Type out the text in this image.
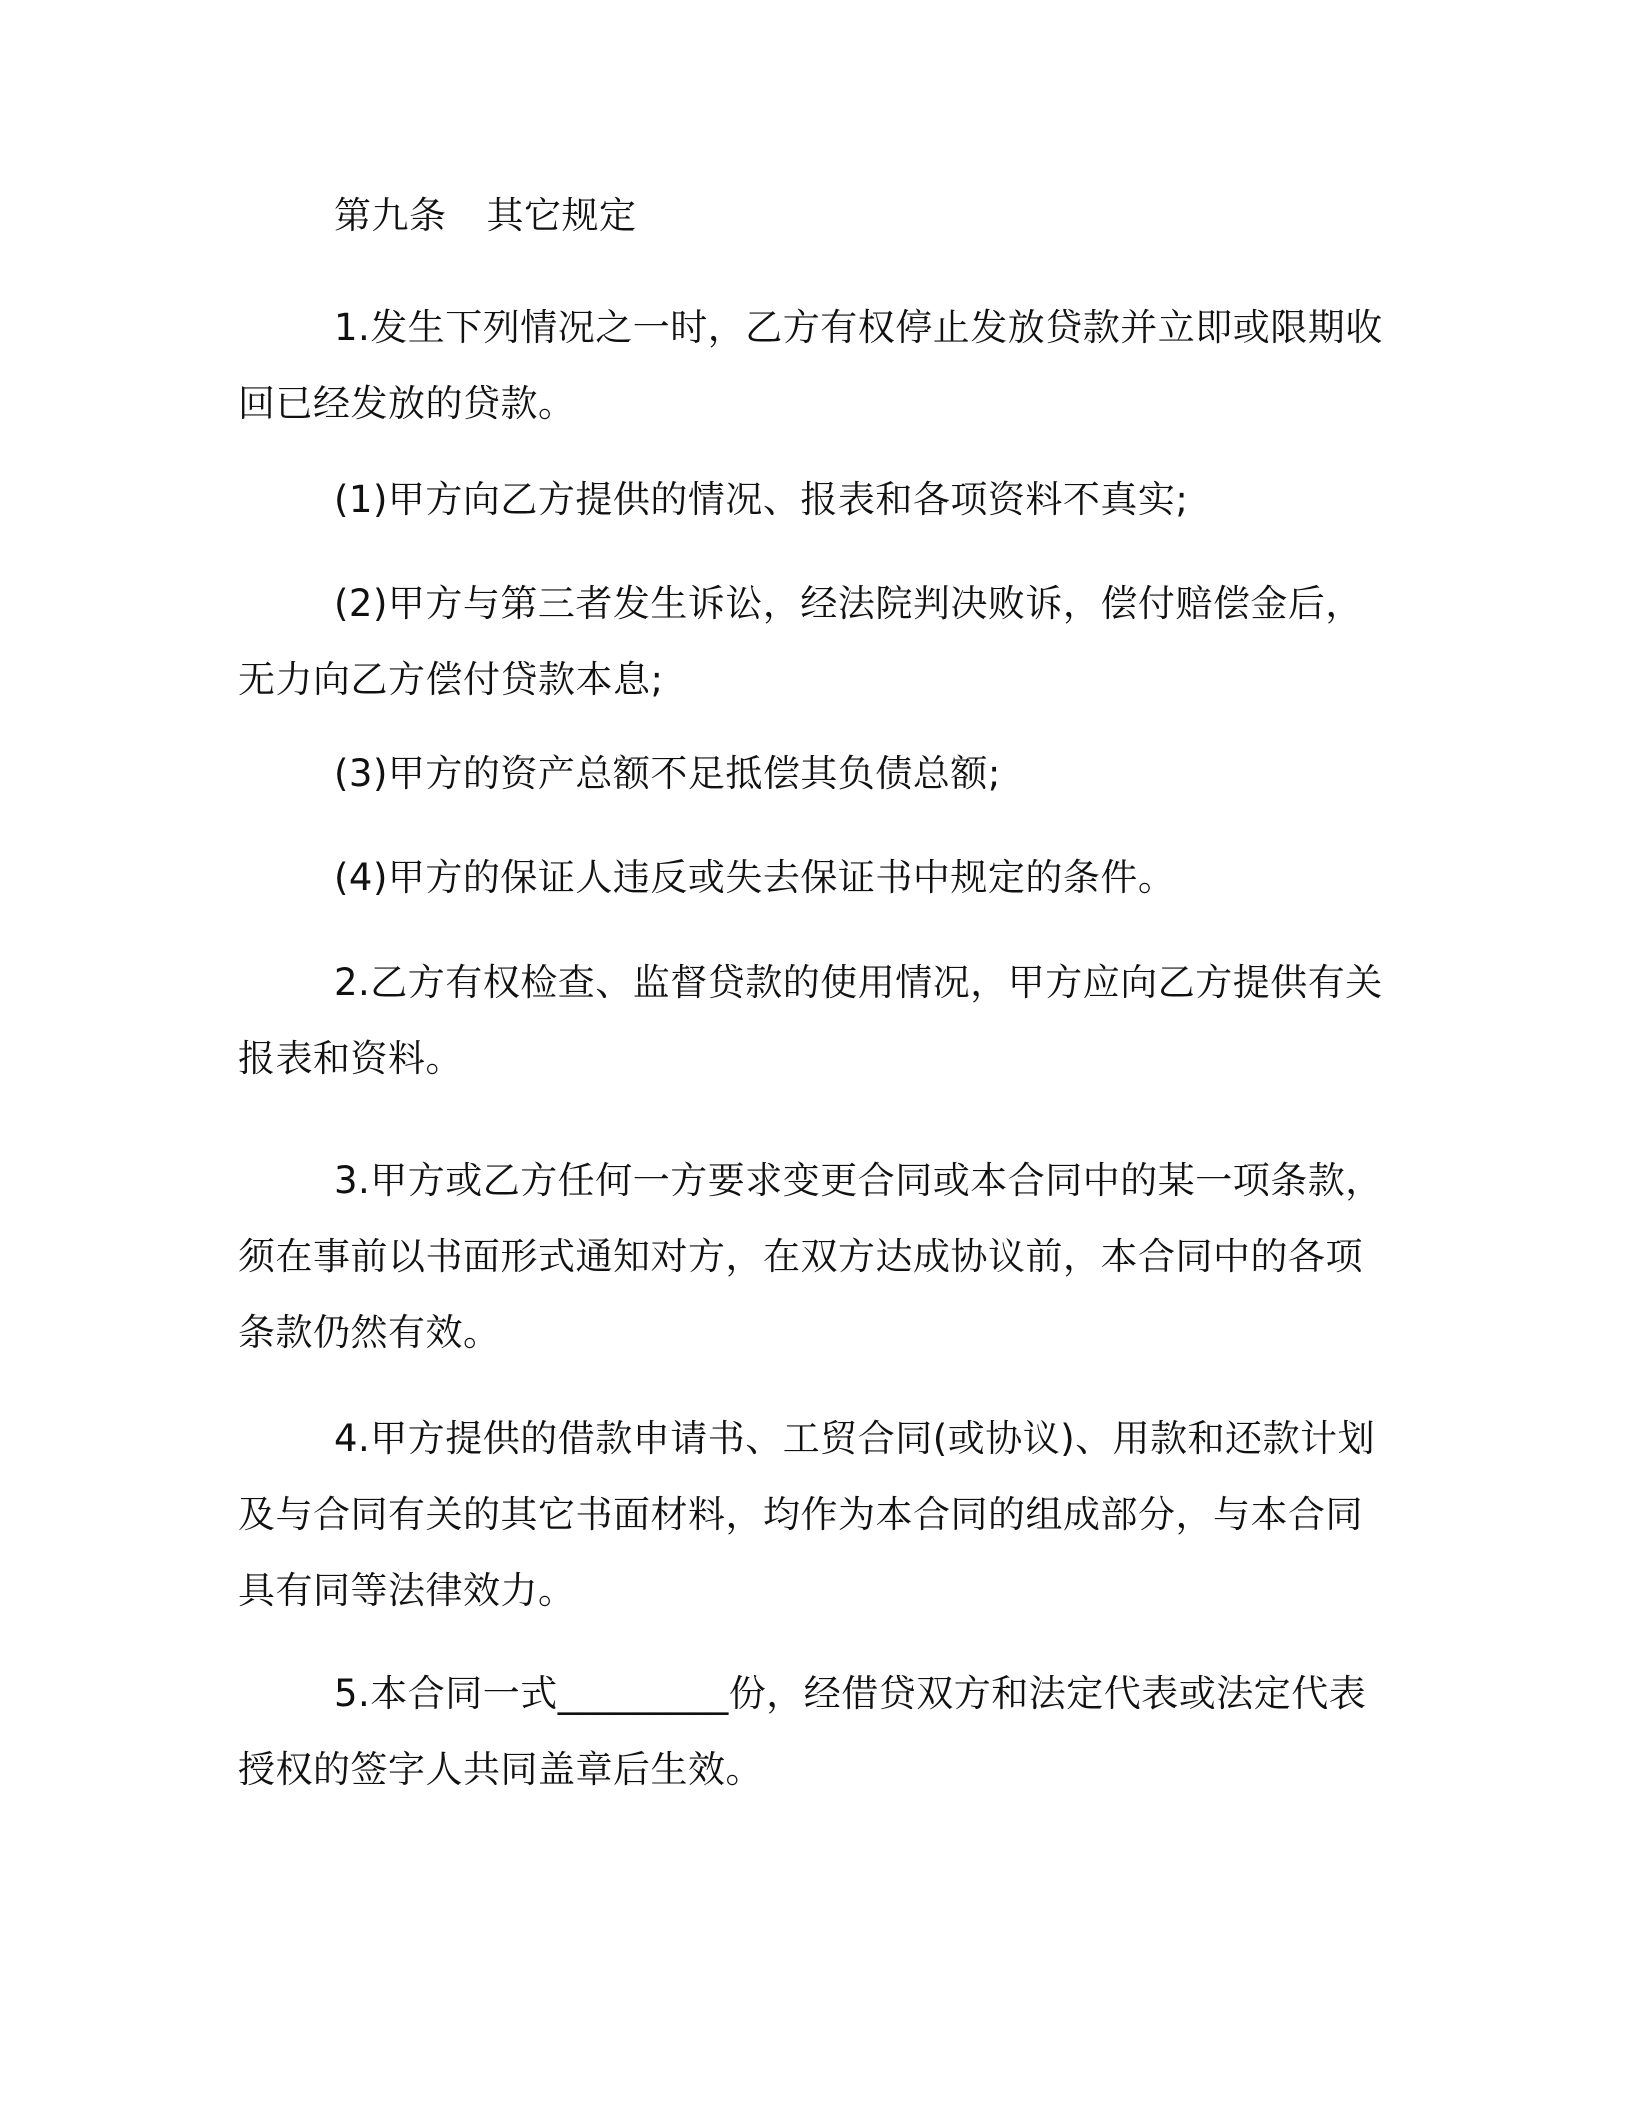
第九条 其它规定

1.发生下列情况之一时，乙方有权停止发放贷款并立即或限期收回已经发放的贷款。

(1)甲方向乙方提供的情况、报表和各项资料不真实;

(2)甲方与第三者发生诉讼，经法院判决败诉，偿付赔偿金后，无力向乙方偿付贷款本息;

(3)甲方的资产总额不足抵偿其负债总额;

(4)甲方的保证人违反或失去保证书中规定的条件。

2.乙方有权检查、监督贷款的使用情况，甲方应向乙方提供有关报表和资料。

3.甲方或乙方任何一方要求变更合同或本合同中的某一项条款，须在事前以书面形式通知对方，在双方达成协议前，本合同中的各项条款仍然有效。

4.甲方提供的借款申请书、工贸合同(或协议)、用款和还款计划及与合同有关的其它书面材料，均作为本合同的组成部分，与本合同具有同等法律效力。

5.本合同一式_________份，经借贷双方和法定代表或法定代表授权的签字人共同盖章后生效。
